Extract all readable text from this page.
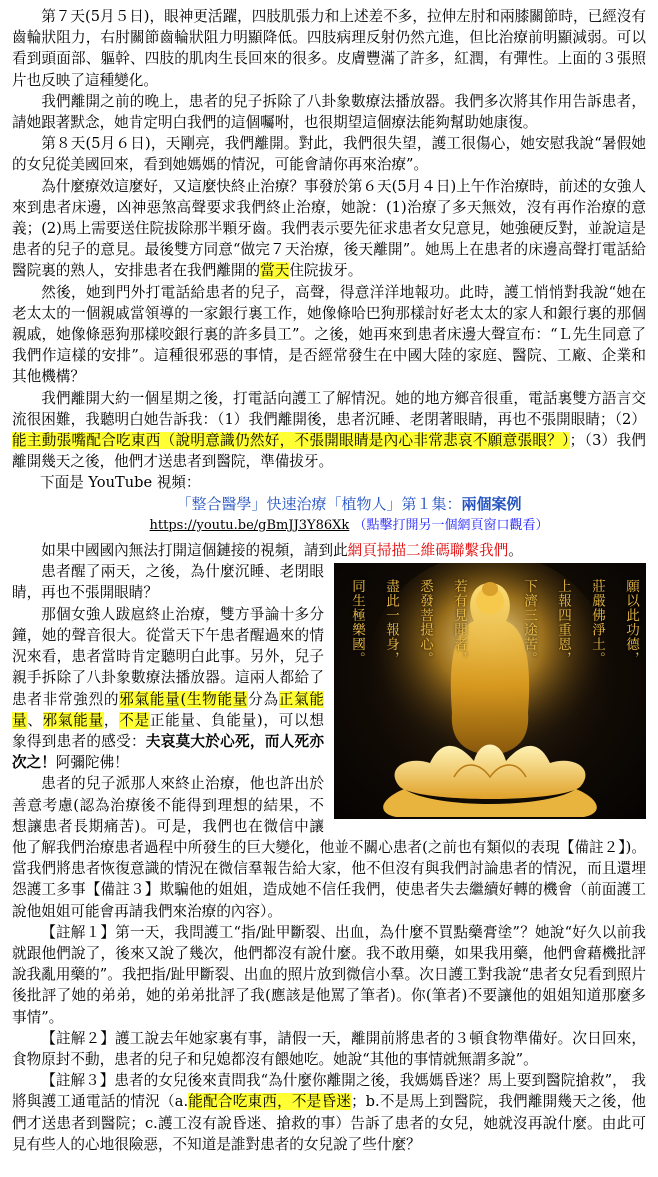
第７天(5月５日)，眼神更活躍，四肢肌張力和上述差不多，拉伸左肘和兩膝關節時，已經沒有齒輪狀阻力，右肘關節齒輪狀阻力明顯降低。四肢病理反射仍然亢進，但比治療前明顯減弱。可以看到頭面部、軀幹、四肢的肌肉生長回來的很多。皮膚豐滿了許多，紅潤，有彈性。上面的３張照片也反映了這種變化。

我們離開之前的晚上，患者的兒子拆除了八卦象數療法播放器。我們多次將其作用告訴患者，請她跟著默念，她肯定明白我們的這個囑咐，也很期望這個療法能夠幫助她康復。

第８天(5月６日)，天剛亮，我們離開。對此，我們很失望，護工很傷心，她安慰我說“暑假她的女兒從美國回來，看到她媽媽的情況，可能會請你再來治療”。

為什麼療效這麼好，又這麼快終止治療？事發於第６天(5月４日)上午作治療時，前述的女強人來到患者床邊，凶神惡煞高聲要求我們終止治療，她說：(1)治療了多天無效，沒有再作治療的意義；(2)馬上需要送住院拔除那半顆牙齒。我們表示要先征求患者女兒意見，她強硬反對，並說這是患者的兒子的意見。最後雙方同意“做完７天治療，後天離開”。她馬上在患者的床邊高聲打電話給醫院裏的熟人，安排患者在我們離開的當天住院拔牙。

然後，她到門外打電話給患者的兒子，高聲，得意洋洋地報功。此時，護工悄悄對我說“她在老太太的一個親戚當領導的一家銀行裏工作，她像條哈巴狗那樣討好老太太的家人和銀行裏的那個親戚，她像條惡狗那樣咬銀行裏的許多員工”。之後，她再來到患者床邊大聲宣布：“Ｌ先生同意了我們作這樣的安排”。這種很邪惡的事情，是否經常發生在中國大陸的家庭、醫院、工廠、企業和其他機構？

我們離開大約一個星期之後，打電話向護工了解情況。她的地方鄉音很重，電話裏雙方語言交流很困難，我聽明白她告訴我：（1）我們離開後，患者沉睡、老閉著眼睛，再也不張開眼睛；（2）能主動張嘴配合吃東西（說明意識仍然好，不張開眼睛是內心非常悲哀不願意張眼？）；（3）我們離開幾天之後，他們才送患者到醫院，準備拔牙。

下面是 YouTube 視頻：

「整合醫學」快速治療「植物人」第１集：兩個案例

https://youtu.be/gBmJJ3Y86Xk （點擊打開另一個網頁窗口觀看）

如果中國國內無法打開這個鏈接的視頻，請到此網頁掃描二維碼聯繫我們。

願以此功德，
莊嚴佛淨土。
上報四重恩，
下濟三途苦。
若有見聞者，
悉發菩提心。
盡此一報身，
同生極樂國。

患者醒了兩天，之後，為什麼沉睡、老閉眼睛，再也不張開眼睛？

那個女強人跋扈終止治療，雙方爭論十多分鐘，她的聲音很大。從當天下午患者醒過來的情況來看，患者當時肯定聽明白此事。另外，兒子親手拆除了八卦象數療法播放器。這兩人都給了患者非常強烈的邪氣能量(生物能量分為正氣能量、邪氣能量，不是正能量、負能量)，可以想象得到患者的感受：夫哀莫大於心死，而人死亦次之！阿彌陀佛！

患者的兒子派那人來終止治療，他也許出於善意考慮(認為治療後不能得到理想的結果，不想讓患者長期痛苦)。可是，我們也在微信中讓他了解我們治療患者過程中所發生的巨大變化，他並不關心患者(之前也有類似的表現【備註２】)。當我們將患者恢復意識的情況在微信羣報告給大家，他不但沒有與我們討論患者的情況，而且還埋怨護工多事【備註３】欺騙他的姐姐，造成她不信任我們，使患者失去繼續好轉的機會（前面護工說他姐姐可能會再請我們來治療的內容）。

【註解１】第一天，我問護工“指/趾甲斷裂、出血，為什麼不買點藥膏塗”？她說“好久以前我就跟他們說了，後來又說了幾次，他們都沒有說什麼。我不敢用藥，如果我用藥，他們會藉機批評說我亂用藥的”。我把指/趾甲斷裂、出血的照片放到微信小羣。次日護工對我說“患者女兒看到照片後批評了她的弟弟，她的弟弟批評了我(應該是他罵了筆者)。你(筆者)不要讓他的姐姐知道那麼多事情”。

【註解２】護工說去年她家裏有事，請假一天，離開前將患者的３頓食物準備好。次日回來，食物原封不動，患者的兒子和兒媳都沒有餵她吃。她說“其他的事情就無謂多說”。

【註解３】患者的女兒後來責問我“為什麼你離開之後，我媽媽昏迷？馬上要到醫院搶救”， 我將與護工通電話的情況（a.能配合吃東西，不是昏迷；b.不是馬上到醫院，我們離開幾天之後，他們才送患者到醫院；c.護工沒有說昏迷、搶救的事）告訴了患者的女兒，她就沒再說什麼。由此可見有些人的心地很險惡，不知道是誰對患者的女兒說了些什麼？
